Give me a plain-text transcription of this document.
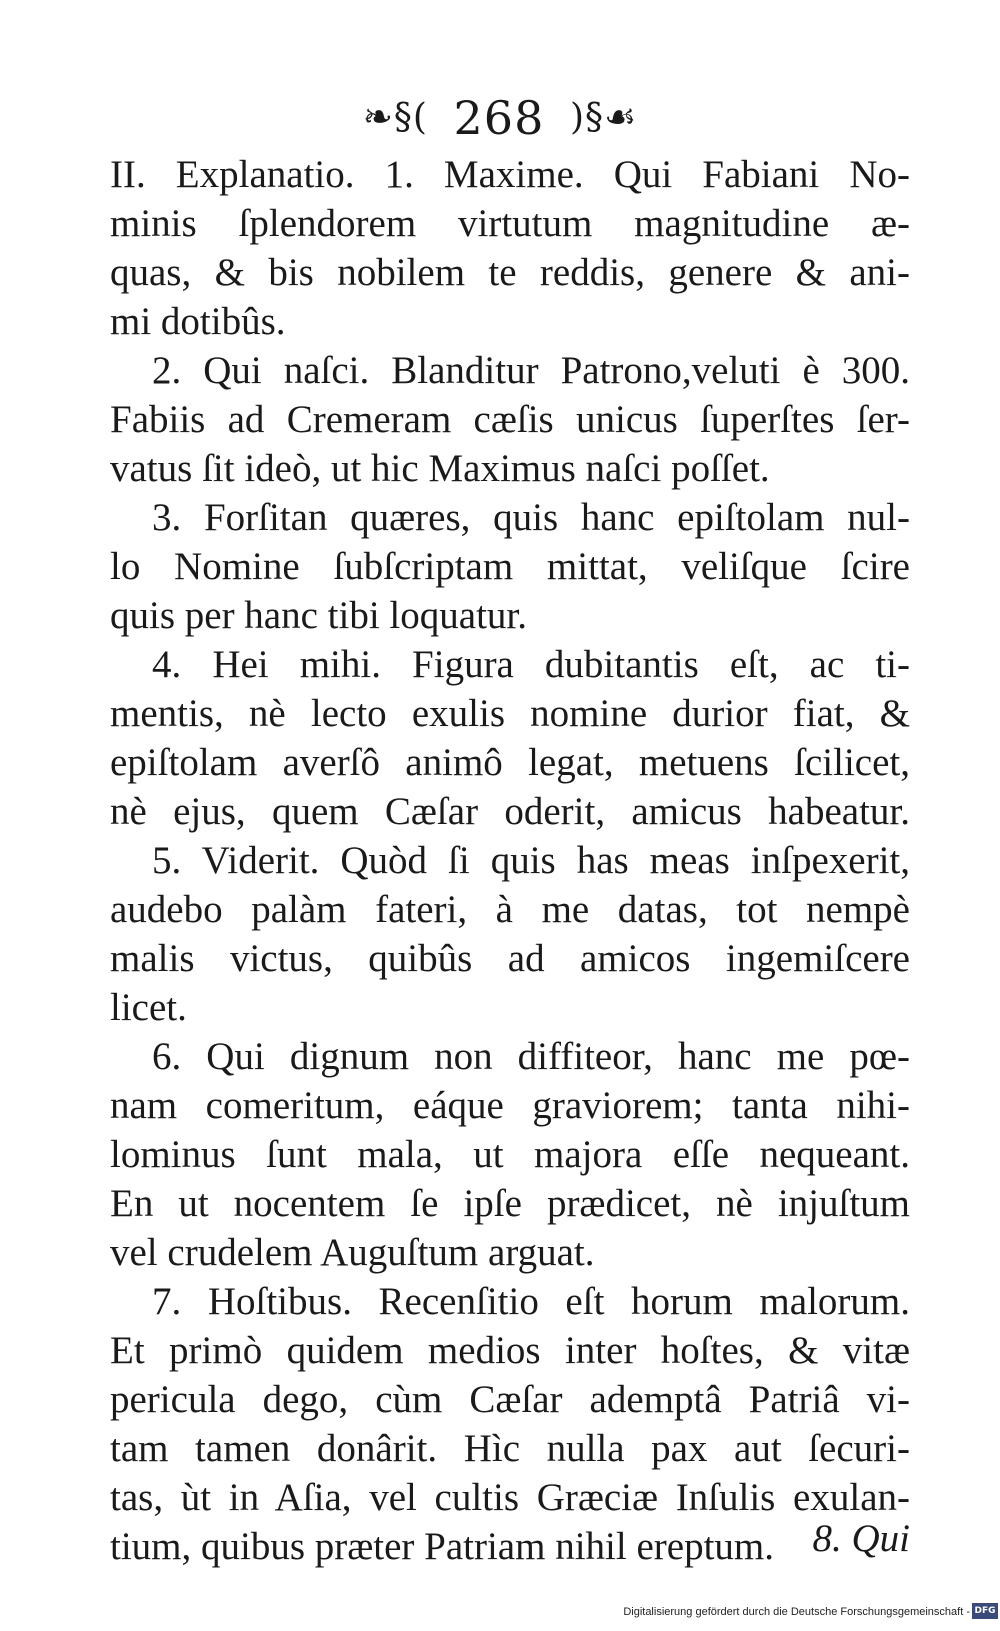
❧§( 268 )§☙
II. Explanatio. 1. Maxime. Qui Fabiani No-
minis ſplendorem virtutum magnitudine æ-
quas, & bis nobilem te reddis, genere & ani-
mi dotibûs.
2. Qui naſci. Blanditur Patrono,veluti è 300.
Fabiis ad Cremeram cæſis unicus ſuperſtes ſer-
vatus ſit ideò, ut hic Maximus naſci poſſet.
3. Forſitan quæres, quis hanc epiſtolam nul-
lo Nomine ſubſcriptam mittat, veliſque ſcire
quis per hanc tibi loquatur.
4. Hei mihi. Figura dubitantis eſt, ac ti-
mentis, nè lecto exulis nomine durior fiat, &
epiſtolam averſô animô legat, metuens ſcilicet,
nè ejus, quem Cæſar oderit, amicus habeatur.
5. Viderit. Quòd ſi quis has meas inſpexerit,
audebo palàm fateri, à me datas, tot nempè
malis victus, quibûs ad amicos ingemiſcere
licet.
6. Qui dignum non diffiteor, hanc me pœ-
nam comeritum, eáque graviorem; tanta nihi-
lominus ſunt mala, ut majora eſſe nequeant.
En ut nocentem ſe ipſe prædicet, nè injuſtum
vel crudelem Auguſtum arguat.
7. Hoſtibus. Recenſitio eſt horum malorum.
Et primò quidem medios inter hoſtes, & vitæ
pericula dego, cùm Cæſar ademptâ Patriâ vi-
tam tamen donârit. Hìc nulla pax aut ſecuri-
tas, ùt in Aſia, vel cultis Græciæ Inſulis exulan-
tium, quibus præter Patriam nihil ereptum. 8. Qui
Digitalisierung gefördert durch die Deutsche Forschungsgemeinschaft - DFG
